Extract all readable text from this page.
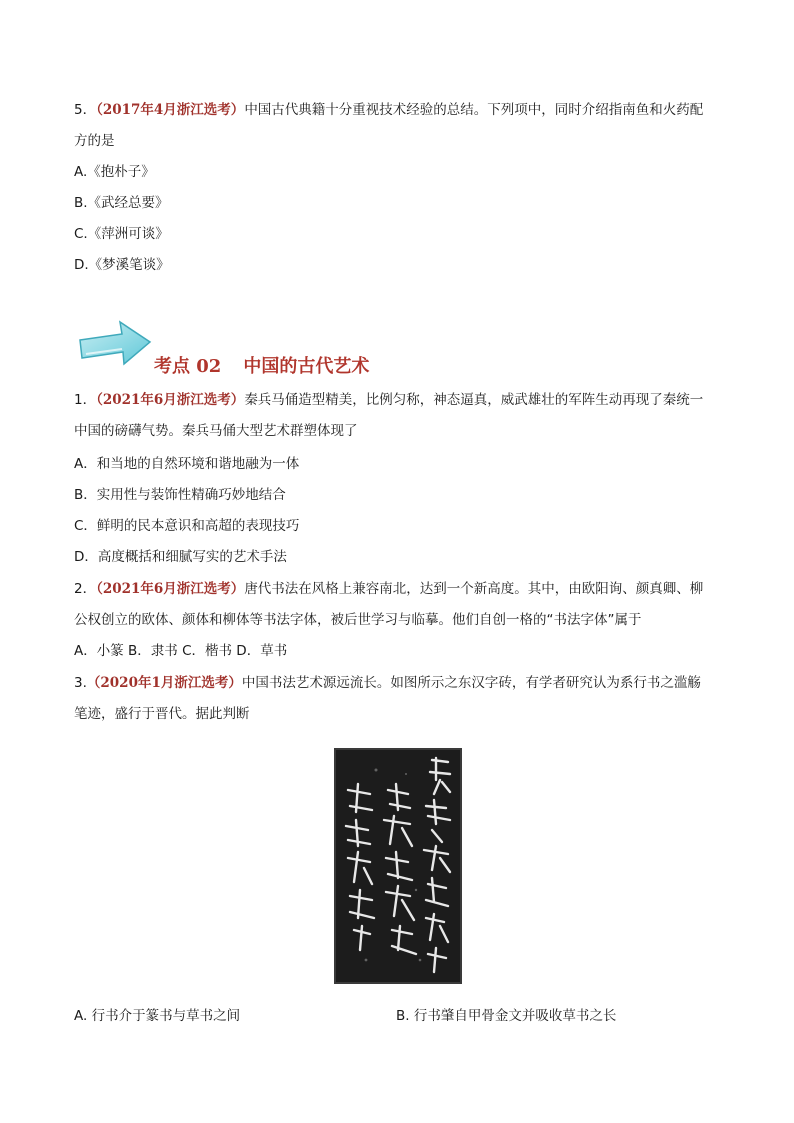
5．（2017年4月浙江选考）中国古代典籍十分重视技术经验的总结。下列项中，同时介绍指南鱼和火药配
方的是
A.《抱朴子》
B.《武经总要》
C.《萍洲可谈》
D.《梦溪笔谈》
考点 02 中国的古代艺术
1．（2021年6月浙江选考）秦兵马俑造型精美，比例匀称，神态逼真，威武雄壮的军阵生动再现了秦统一
中国的磅礴气势。秦兵马俑大型艺术群塑体现了
A．和当地的自然环境和谐地融为一体
B．实用性与装饰性精确巧妙地结合
C．鲜明的民本意识和高超的表现技巧
D．高度概括和细腻写实的艺术手法
2．（2021年6月浙江选考）唐代书法在风格上兼容南北，达到一个新高度。其中，由欧阳询、颜真卿、柳
公权创立的欧体、颜体和柳体等书法字体，被后世学习与临摹。他们自创一格的“书法字体”属于
A．小篆 B．隶书 C．楷书 D．草书
3.（2020年1月浙江选考）中国书法艺术源远流长。如图所示之东汉字砖，有学者研究认为系行书之滥觞
笔迹，盛行于晋代。据此判断
A. 行书介于篆书与草书之间	B. 行书肇自甲骨金文并吸收草书之长
